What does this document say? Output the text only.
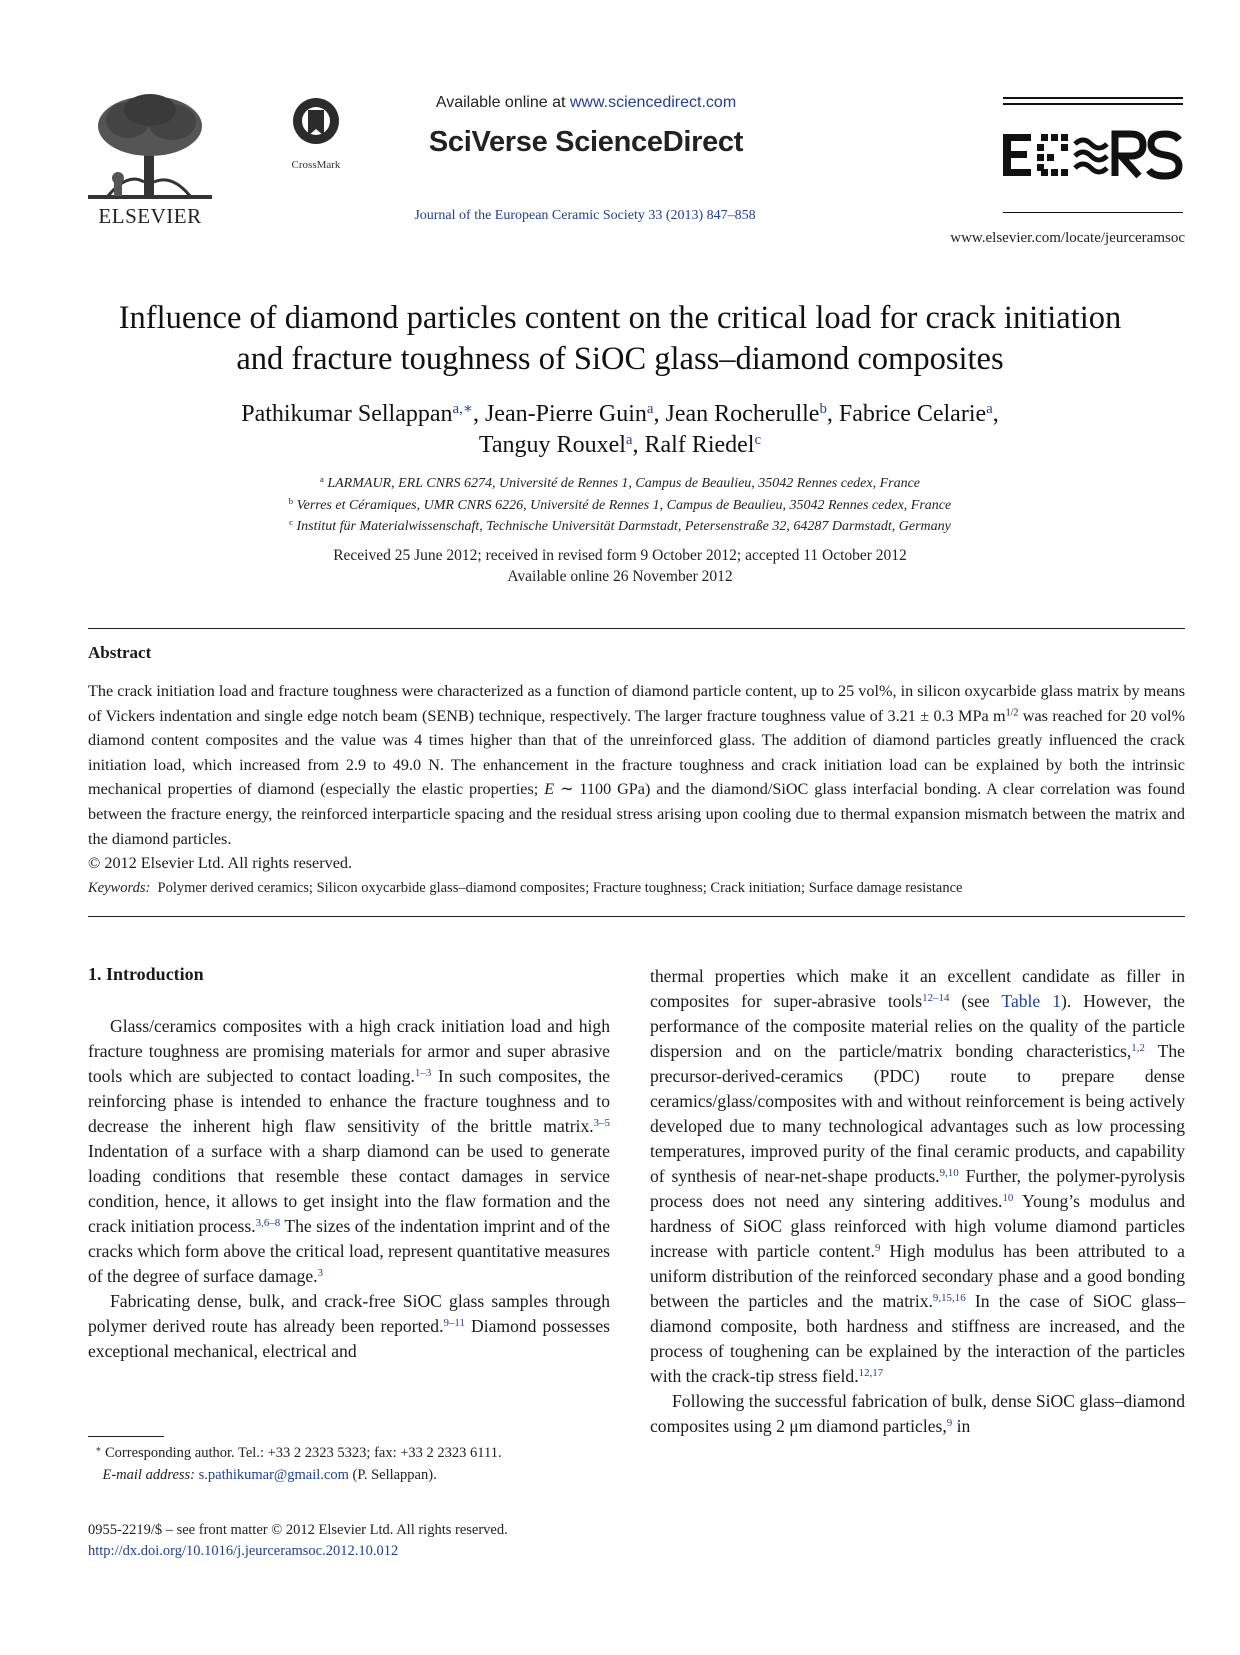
ELSEVIER
CrossMark
Available online at www.sciencedirect.com
SciVerse ScienceDirect
Journal of the European Ceramic Society 33 (2013) 847–858
www.elsevier.com/locate/jeurceramsoc
Influence of diamond particles content on the critical load for crack initiation
and fracture toughness of SiOC glass–diamond composites
Pathikumar Sellappan$^{a,∗}$, Jean-Pierre Guin$^a$, Jean Rocherulle$^b$, Fabrice Celarie$^a$,
Tanguy Rouxel$^a$, Ralf Riedel$^c$
$^a$ LARMAUR, ERL CNRS 6274, Université de Rennes 1, Campus de Beaulieu, 35042 Rennes cedex, France
$^b$ Verres et Céramiques, UMR CNRS 6226, Université de Rennes 1, Campus de Beaulieu, 35042 Rennes cedex, France
$^c$ Institut für Materialwissenschaft, Technische Universität Darmstadt, Petersenstraße 32, 64287 Darmstadt, Germany
Received 25 June 2012; received in revised form 9 October 2012; accepted 11 October 2012
Available online 26 November 2012
Abstract
The crack initiation load and fracture toughness were characterized as a function of diamond particle content, up to 25 vol%, in silicon oxycarbide glass matrix by means of Vickers indentation and single edge notch beam (SENB) technique, respectively. The larger fracture toughness value of 3.21 ± 0.3 MPa $m^{1/2}$ was reached for 20 vol% diamond content composites and the value was 4 times higher than that of the unreinforced glass. The addition of diamond particles greatly influenced the crack initiation load, which increased from 2.9 to 49.0 N. The enhancement in the fracture toughness and crack initiation load can be explained by both the intrinsic mechanical properties of diamond (especially the elastic properties; E ∼ 1100 GPa) and the diamond/SiOC glass interfacial bonding. A clear correlation was found between the fracture energy, the reinforced interparticle spacing and the residual stress arising upon cooling due to thermal expansion mismatch between the matrix and the diamond particles.
© 2012 Elsevier Ltd. All rights reserved.
Keywords: Polymer derived ceramics; Silicon oxycarbide glass–diamond composites; Fracture toughness; Crack initiation; Surface damage resistance
1. Introduction

Glass/ceramics composites with a high crack initiation load and high fracture toughness are promising materials for armor and super abrasive tools which are subjected to contact loading.$^{1-3}$ In such composites, the reinforcing phase is intended to enhance the fracture toughness and to decrease the inherent high flaw sensitivity of the brittle matrix.$^{3-5}$ Indentation of a surface with a sharp diamond can be used to generate loading conditions that resemble these contact damages in service condition, hence, it allows to get insight into the flaw formation and the crack initiation process.$^{3,6-8}$ The sizes of the indentation imprint and of the cracks which form above the critical load, represent quantitative measures of the degree of surface damage.$^3$

Fabricating dense, bulk, and crack-free SiOC glass samples through polymer derived route has already been reported.$^{9-11}$ Diamond possesses exceptional mechanical, electrical and

thermal properties which make it an excellent candidate as filler in composites for super-abrasive tools$^{12-14}$ (see Table 1). However, the performance of the composite material relies on the quality of the particle dispersion and on the particle/matrix bonding characteristics,$^{1,2}$ The precursor-derived-ceramics (PDC) route to prepare dense ceramics/glass/composites with and without reinforcement is being actively developed due to many technological advantages such as low processing temperatures, improved purity of the final ceramic products, and capability of synthesis of near-net-shape products.$^{9,10}$ Further, the polymer-pyrolysis process does not need any sintering additives.$^{10}$ Young’s modulus and hardness of SiOC glass reinforced with high volume diamond particles increase with particle content.$^9$ High modulus has been attributed to a uniform distribution of the reinforced secondary phase and a good bonding between the particles and the matrix.$^{9,15,16}$ In the case of SiOC glass–diamond composite, both hardness and stiffness are increased, and the process of toughening can be explained by the interaction of the particles with the crack-tip stress field.$^{12,17}$

Following the successful fabrication of bulk, dense SiOC glass–diamond composites using 2 μm diamond particles,$^9$ in

∗ Corresponding author. Tel.: +33 2 2323 5323; fax: +33 2 2323 6111.
E-mail address: s.pathikumar@gmail.com (P. Sellappan).
0955-2219/$ – see front matter © 2012 Elsevier Ltd. All rights reserved.
http://dx.doi.org/10.1016/j.jeurceramsoc.2012.10.012
